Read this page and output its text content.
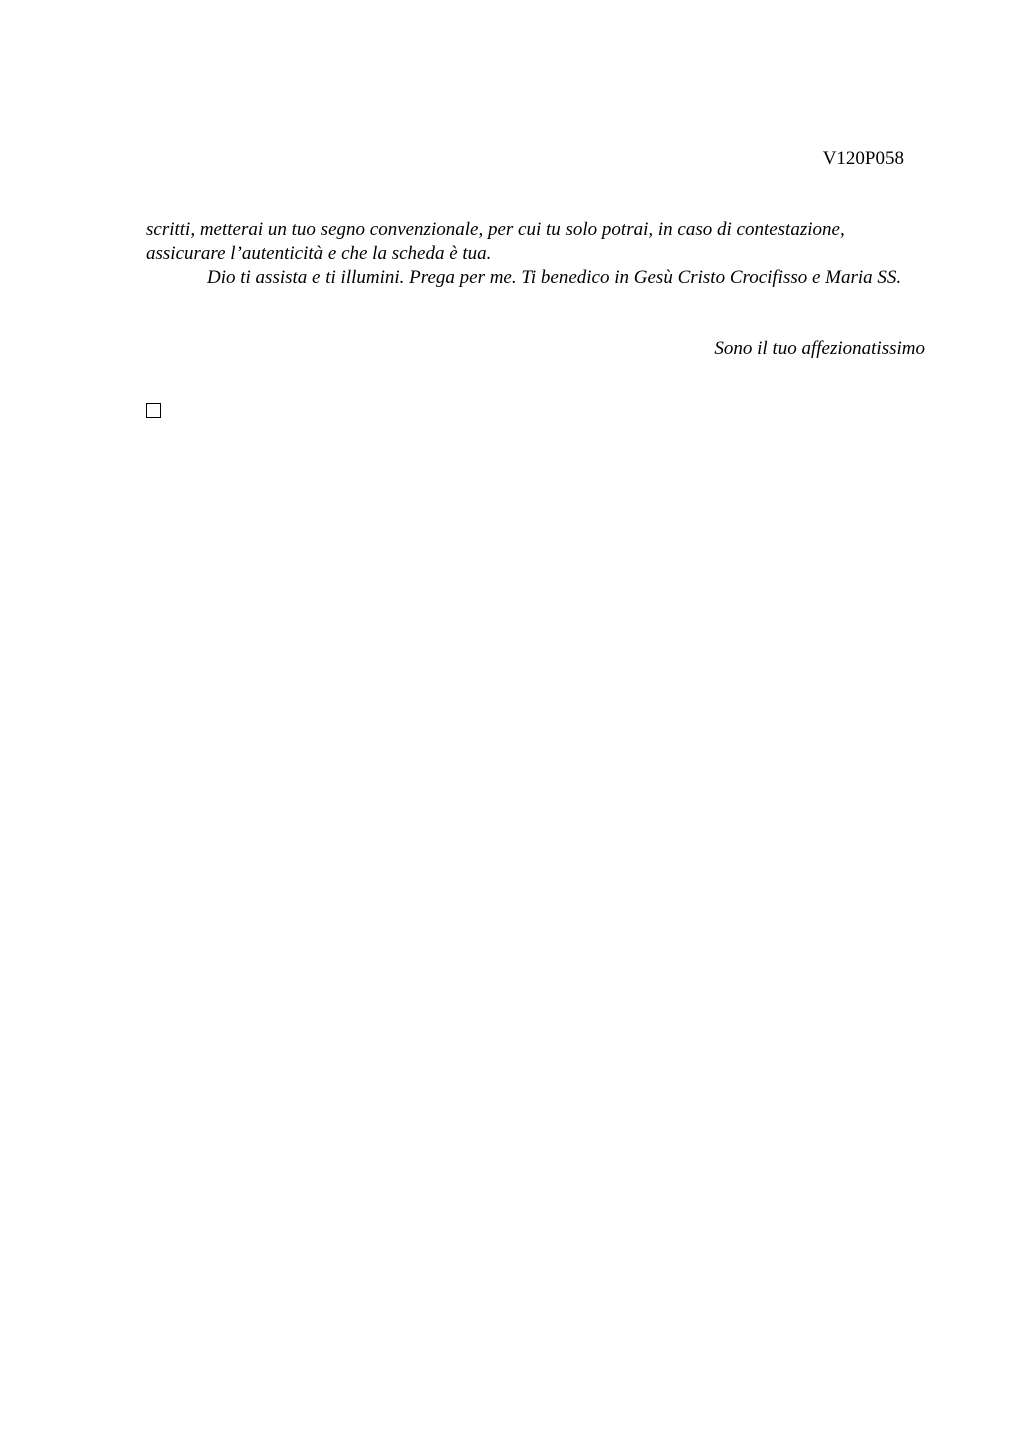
V120P058

scritti, metterai un tuo segno convenzionale, per cui tu solo potrai, in caso di contestazione, assicurare l’autenticità e che la scheda è tua.

Dio ti assista e ti illumini. Prega per me. Ti benedico in Gesù Cristo Crocifisso e Maria SS.

Sono il tuo affezionatissimo
